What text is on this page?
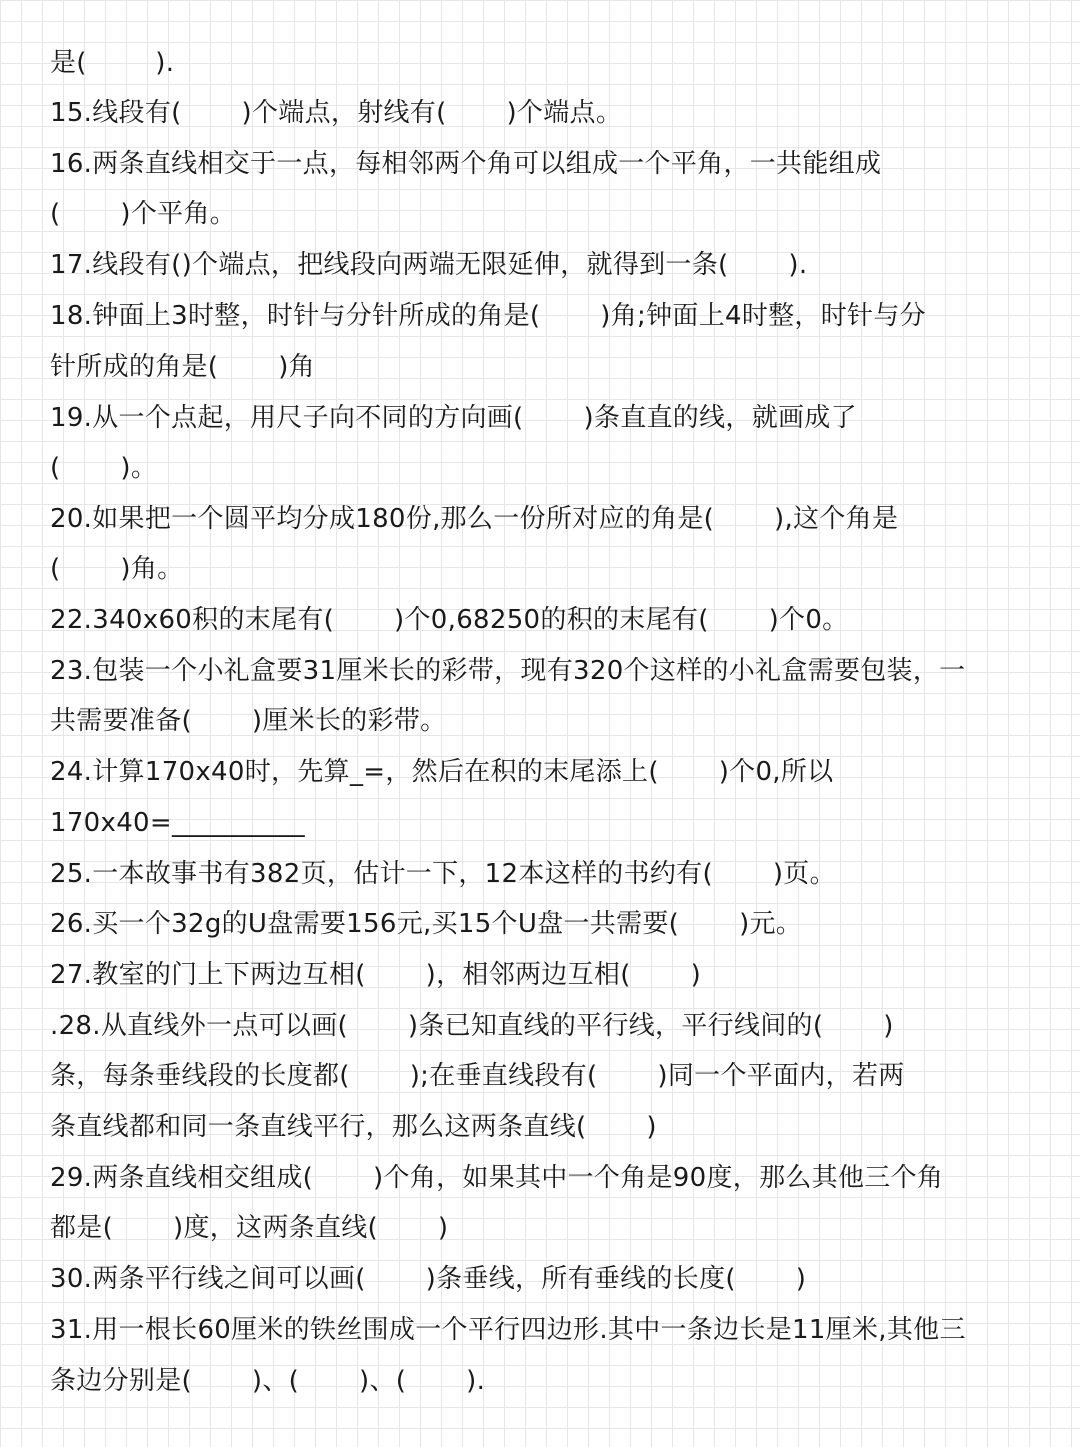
是(        ).
15.线段有(       )个端点，射线有(       )个端点。
16.两条直线相交于一点，每相邻两个角可以组成一个平角，一共能组成
(       )个平角。
17.线段有()个端点，把线段向两端无限延伸，就得到一条(       ).
18.钟面上3时整，时针与分针所成的角是(       )角;钟面上4时整，时针与分
针所成的角是(       )角
19.从一个点起，用尺子向不同的方向画(       )条直直的线，就画成了
(       )。
20.如果把一个圆平均分成180份,那么一份所对应的角是(       ),这个角是
(       )角。
22.340x60积的末尾有(       )个0,68250的积的末尾有(       )个0。
23.包装一个小礼盒要31厘米长的彩带，现有320个这样的小礼盒需要包装，一
共需要准备(       )厘米长的彩带。
24.计算170x40时，先算_=，然后在积的末尾添上(       )个0,所以
170x40=__________
25.一本故事书有382页，估计一下，12本这样的书约有(       )页。
26.买一个32g的U盘需要156元,买15个U盘一共需要(       )元。
27.教室的门上下两边互相(       )，相邻两边互相(       )
.28.从直线外一点可以画(       )条已知直线的平行线，平行线间的(       )
条，每条垂线段的长度都(       );在垂直线段有(       )同一个平面内，若两
条直线都和同一条直线平行，那么这两条直线(       )
29.两条直线相交组成(       )个角，如果其中一个角是90度，那么其他三个角
都是(       )度，这两条直线(       )
30.两条平行线之间可以画(       )条垂线，所有垂线的长度(       )
31.用一根长60厘米的铁丝围成一个平行四边形.其中一条边长是11厘米,其他三
条边分别是(       )、(       )、(       ).
